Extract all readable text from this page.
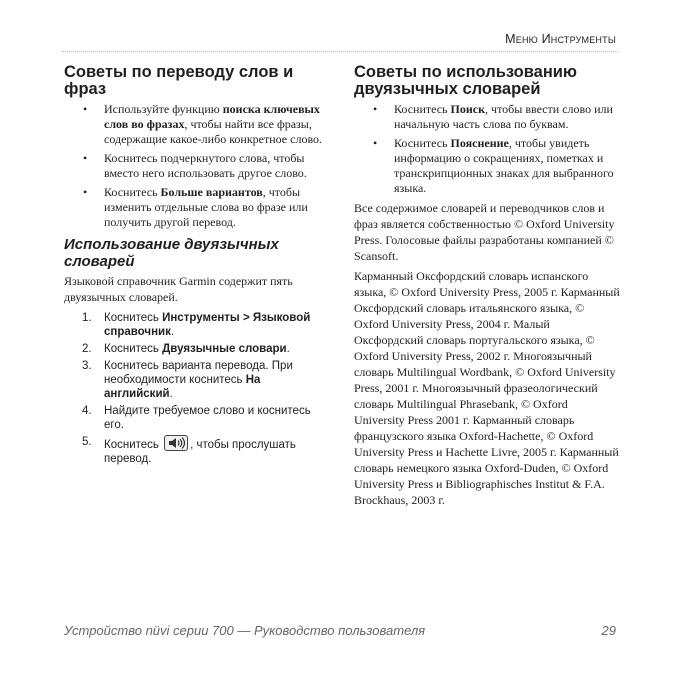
Меню Инструменты
Советы по переводу слов и фраз
• Используйте функцию поиска ключевых слов во фразах, чтобы найти все фразы, содержащие какое-либо конкретное слово.
• Коснитесь подчеркнутого слова, чтобы вместо него использовать другое слово.
• Коснитесь Больше вариантов, чтобы изменить отдельные слова во фразе или получить другой перевод.
Использование двуязычных словарей

Языковой справочник Garmin содержит пять двуязычных словарей.

1. Коснитесь Инструменты > Языковой справочник.
2. Коснитесь Двуязычные словари.
3. Коснитесь варианта перевода. При необходимости коснитесь На английский.
4. Найдите требуемое слово и коснитесь его.
5. Коснитесь
, чтобы прослушать перевод.
Советы по использованию двуязычных словарей
• Коснитесь Поиск, чтобы ввести слово или начальную часть слова по буквам.
• Коснитесь Пояснение, чтобы увидеть информацию о сокращениях, пометках и транскрипционных знаках для выбранного языка.

Все содержимое словарей и переводчиков слов и фраз является собственностью © Oxford University Press. Голосовые файлы разработаны компанией © Scansoft.

Карманный Оксфордский словарь испанского языка, © Oxford University Press, 2005 г. Карманный Оксфордский словарь итальянского языка, © Oxford University Press, 2004 г. Малый Оксфордский словарь португальского языка, © Oxford University Press, 2002 г. Многоязычный словарь Multilingual Wordbank, © Oxford University Press, 2001 г. Многоязычный фразеологический словарь Multilingual Phrasebank, © Oxford University Press 2001 г. Карманный словарь французского языка Oxford-Hachette, © Oxford University Press и Hachette Livre, 2005 г. Карманный словарь немецкого языка Oxford-Duden, © Oxford University Press и Bibliographisches Institut & F.A. Brockhaus, 2003 г.

Устройство nüvi серии 700 — Руководство пользователя	29
